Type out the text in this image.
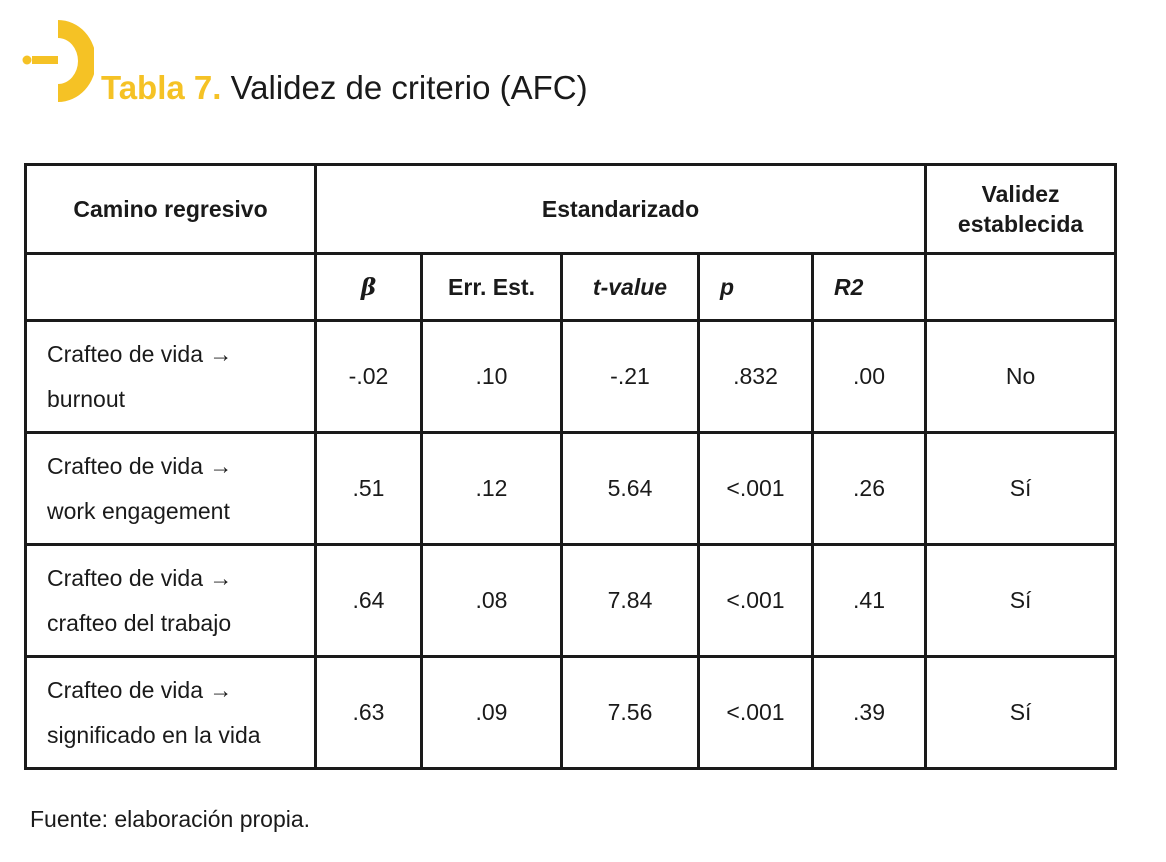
Tabla 7. Validez de criterio (AFC)
Camino regresivo	Estandarizado					Validez establecida
	β	Err. Est.	t-value	p	R2	
Crafteo de vida →
burnout	-.02	.10	-.21	.832	.00	No
Crafteo de vida →
work engagement	.51	.12	5.64	<.001	.26	Sí
Crafteo de vida →
crafteo del trabajo	.64	.08	7.84	<.001	.41	Sí
Crafteo de vida →
significado en la vida	.63	.09	7.56	<.001	.39	Sí
Fuente: elaboración propia.
